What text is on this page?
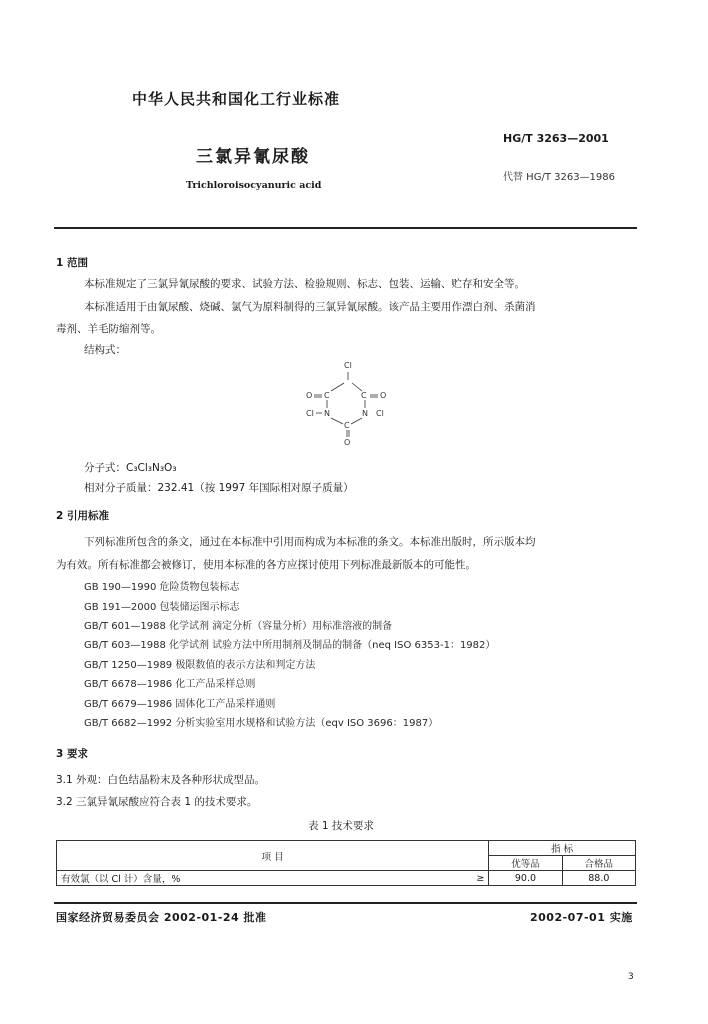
中华人民共和国化工行业标准
HG/T 3263—2001
三氯异氰尿酸
代替 HG/T 3263—1986
Trichloroisocyanuric acid
1 范围
本标准规定了三氯异氰尿酸的要求、试验方法、检验规则、标志、包装、运输、贮存和安全等。
本标准适用于由氰尿酸、烧碱、氯气为原料制得的三氯异氰尿酸。该产品主要用作漂白剂、杀菌消
毒剂、羊毛防缩剂等。
结构式：
Cl
O C	C O
Cl N	N Cl
C
O
分子式：C₃Cl₃N₃O₃
相对分子质量：232.41（按 1997 年国际相对原子质量）
2 引用标准
下列标准所包含的条文，通过在本标准中引用而构成为本标准的条文。本标准出版时，所示版本均
为有效。所有标准都会被修订，使用本标准的各方应探讨使用下列标准最新版本的可能性。
GB 190—1990 危险货物包装标志
GB 191—2000 包装储运图示标志
GB/T 601—1988 化学试剂 滴定分析（容量分析）用标准溶液的制备
GB/T 603—1988 化学试剂 试验方法中所用制剂及制品的制备（neq ISO 6353-1：1982）
GB/T 1250—1989 极限数值的表示方法和判定方法
GB/T 6678—1986 化工产品采样总则
GB/T 6679—1986 固体化工产品采样通则
GB/T 6682—1992 分析实验室用水规格和试验方法（eqv ISO 3696：1987）
3 要求
3.1 外观：白色结晶粉末及各种形状成型品。
3.2 三氯异氰尿酸应符合表 1 的技术要求。
表 1 技术要求
项 目		指 标	
		优等品	合格品
有效氯（以 Cl 计）含量，%	≥	90.0	88.0
国家经济贸易委员会 2002-01-24 批准	2002-07-01 实施
3
